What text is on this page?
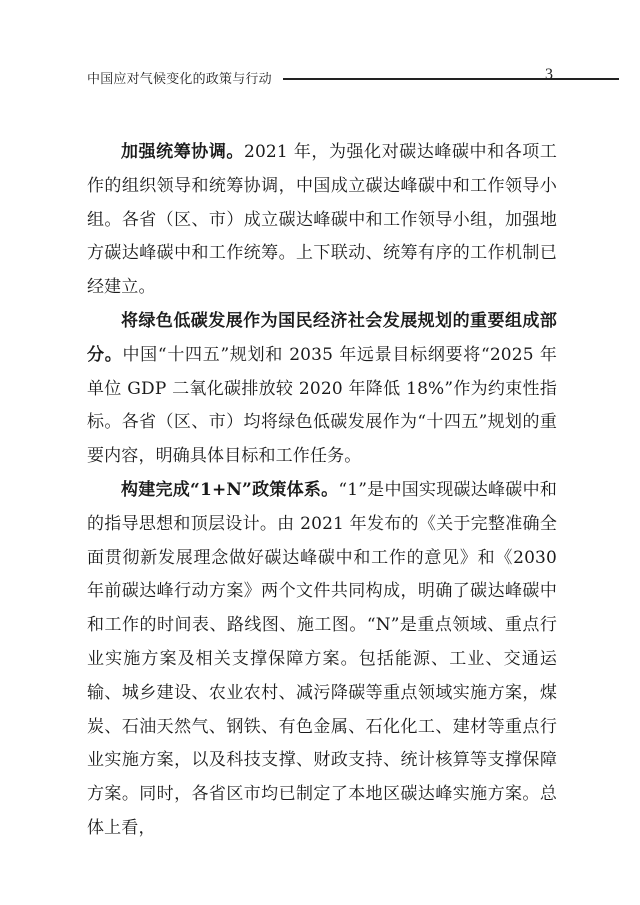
中国应对气候变化的政策与行动	3

加强统筹协调。2021 年，为强化对碳达峰碳中和各项工作的组织领导和统筹协调，中国成立碳达峰碳中和工作领导小组。各省（区、市）成立碳达峰碳中和工作领导小组，加强地方碳达峰碳中和工作统筹。上下联动、统筹有序的工作机制已经建立。

将绿色低碳发展作为国民经济社会发展规划的重要组成部分。中国“十四五”规划和 2035 年远景目标纲要将“2025 年单位 GDP 二氧化碳排放较 2020 年降低 18%”作为约束性指标。各省（区、市）均将绿色低碳发展作为“十四五”规划的重要内容，明确具体目标和工作任务。

构建完成“1+N”政策体系。“1”是中国实现碳达峰碳中和的指导思想和顶层设计。由 2021 年发布的《关于完整准确全面贯彻新发展理念做好碳达峰碳中和工作的意见》和《2030 年前碳达峰行动方案》两个文件共同构成，明确了碳达峰碳中和工作的时间表、路线图、施工图。“N”是重点领域、重点行业实施方案及相关支撑保障方案。包括能源、工业、交通运输、城乡建设、农业农村、减污降碳等重点领域实施方案，煤炭、石油天然气、钢铁、有色金属、石化化工、建材等重点行业实施方案，以及科技支撑、财政支持、统计核算等支撑保障方案。同时，各省区市均已制定了本地区碳达峰实施方案。总体上看，
